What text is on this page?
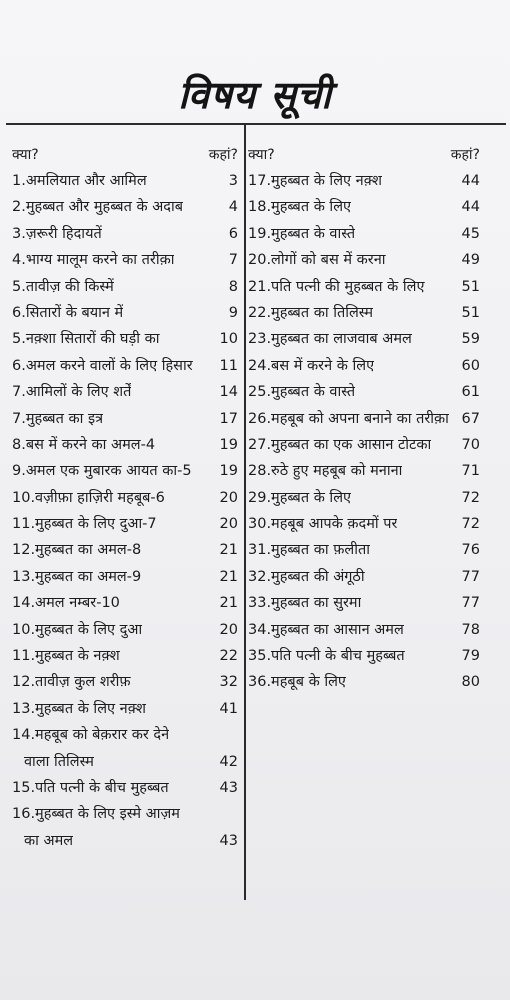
विषय सूची
क्या?	कहां?
1.अमलियात और आमिल	3
2.मुहब्बत और मुहब्बत के अदाब	4
3.ज़रूरी हिदायतें	6
4.भाग्य मालूम करने का तरीक़ा	7
5.तावीज़ की किस्में	8
6.सितारों के बयान में	9
5.नक़्शा सितारों की घड़ी का	10
6.अमल करने वालों के लिए हिसार 11
7.आमिलों के लिए शर्तें	14
7.मुहब्बत का इत्र	17
8.बस में करने का अमल-4	19
9.अमल एक मुबारक आयत का-5 19
10.वज़ीफ़ा हाज़िरी महबूब-6	20
11.मुहब्बत के लिए दुआ-7	20
12.मुहब्बत का अमल-8	21
13.मुहब्बत का अमल-9	21
14.अमल नम्बर-10	21
10.मुहब्बत के लिए दुआ	20
11.मुहब्बत के नक़्श	22
12.तावीज़ कुल शरीफ़	32
13.मुहब्बत के लिए नक़्श	41
14.महबूब को बेक़रार कर देने
वाला तिलिस्म	42
15.पति पत्नी के बीच मुहब्बत	43
16.मुहब्बत के लिए इस्मे आज़म
का अमल	43
क्या?	कहां?
17.मुहब्बत के लिए नक़्श	44
18.मुहब्बत के लिए	44
19.मुहब्बत के वास्ते	45
20.लोगों को बस में करना	49
21.पति पत्नी की मुहब्बत के लिए	51
22.मुहब्बत का तिलिस्म	51
23.मुहब्बत का लाजवाब अमल	59
24.बस में करने के लिए	60
25.मुहब्बत के वास्ते	61
26.महबूब को अपना बनाने का तरीक़ा 67
27.मुहब्बत का एक आसान टोटका 70
28.रुठे हुए महबूब को मनाना	71
29.मुहब्बत के लिए	72
30.महबूब आपके क़दमों पर	72
31.मुहब्बत का फ़लीता	76
32.मुहब्बत की अंगूठी	77
33.मुहब्बत का सुरमा	77
34.मुहब्बत का आसान अमल	78
35.पति पत्नी के बीच मुहब्बत	79
36.महबूब के लिए	80
